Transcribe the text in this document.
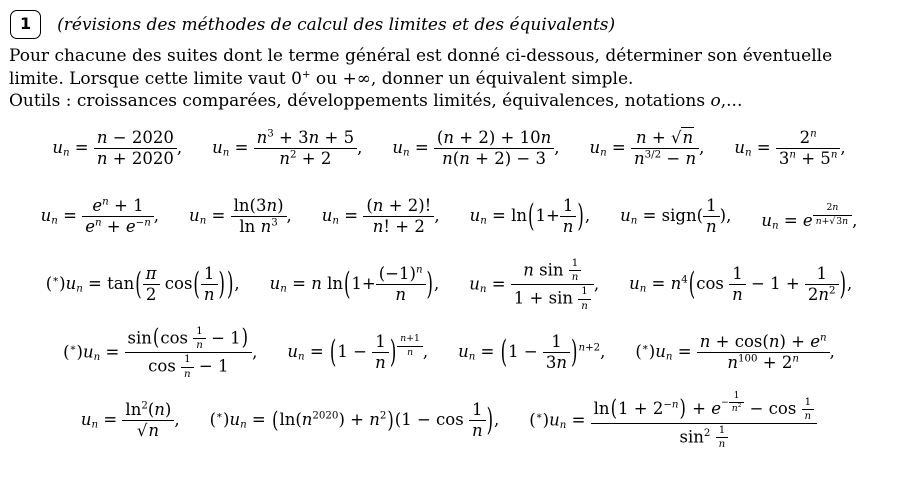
1	(révisions des méthodes de calcul des limites et des équivalents)
Pour chacune des suites dont le terme général est donné ci-dessous, déterminer son éventuelle
limite. Lorsque cette limite vaut 0+ ou +∞, donner un équivalent simple.
Outils : croissances comparées, développements limités, équivalences, notations o,...
$u_n = \frac{n - 2020}{n + 2020}$ , $u_n = \frac{n^3 + 3n + 5}{n^2 + 2}$ , $u_n = \frac{(n + 2) + 10n}{n(n + 2) - 3}$ , $u_n = \frac{n + √n}{n^{3/2} - n}$ , $u_n = \frac{2^n}{3^n + 5^n}$ ,
$u_n = \frac{e^n + 1}{e^n + e^{-n}}$ , $u_n = \frac{\ln(3n)}{\ln n^3}$ , $u_n = \frac{(n + 2)!}{n! + 2}$ , $u_n = \ln(1+ \frac{1}{n}$ ), $u_n$ = sign( $\frac{1}{n}$ ), $u_n = e \frac{2n}{n+√3n}$ ,
$(^∗)u_n = \tan( \frac{\pi}{2} \cos( \frac{1}{n}$ ) ), $u_n = n$ $\ln(1+ \frac{(-1)^n}{n}$ ), $u_n = \frac{n \sin \frac{1}{n}}{1 + \sin \frac{1}{n}}$ , $u_n = n^4(\cos \frac{1}{n} - 1 + \frac{1}{2n^2}$ ),
$(^∗)u_n = \frac{\sin(\cos \frac{1}{n} - 1)}{\cos \frac{1}{n} - 1}$ , $u_n = (1 - \frac{1}{n}$ ) $\frac{n+1}{n}$ , $u_n = (1 - \frac{1}{3n} )^{n+2}$, $(^∗)u_n = \frac{n + \cos(n) + e^n}{n^{100} + 2^n}$ ,
$u_n = \frac{\ln^2(n)}{√n}$ , $(^∗)u_n = (\ln(n^{2020}) + n^2)(1 - \cos \frac{1}{n}$ ), $(^∗)u_n = \frac{\ln(1 + 2^{-n}) + e- \frac{1}{n^2} - \cos \frac{1}{n}}{\sin^2 \frac{1}{n}}$
